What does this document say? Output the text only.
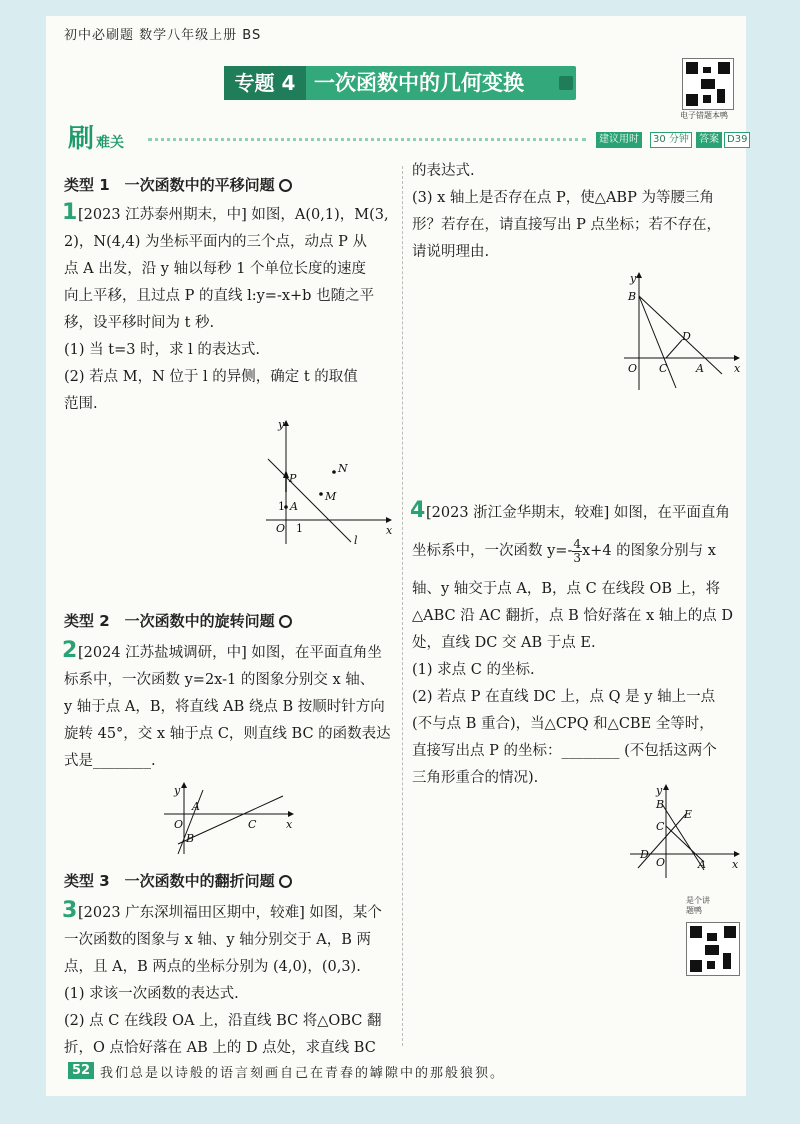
初中必刷题 数学八年级上册 BS
专题 4 一次函数中的几何变换
电子错题本鸭
刷 难关	建议用时	30 分钟	答案 D39
类型 1　一次函数中的平移问题
1 [2023 江苏泰州期末，中] 如图，A(0,1)，M(3,

2)，N(4,4) 为坐标平面内的三个点，动点 P 从

点 A 出发，沿 y 轴以每秒 1 个单位长度的速度

向上平移，且过点 P 的直线 l:y=-x+b 也随之平

移，设平移时间为 t 秒.

(1) 当 t=3 时，求 l 的表达式.

(2) 若点 M，N 位于 l 的异侧，确定 t 的取值

范围.

y
x
O
N
M
P
A
1
1
l
类型 2　一次函数中的旋转问题
2 [2024 江苏盐城调研，中] 如图，在平面直角坐

标系中，一次函数 y=2x-1 的图象分别交 x 轴、

y 轴于点 A，B，将直线 AB 绕点 B 按顺时针方向

旋转 45°，交 x 轴于点 C，则直线 BC 的函数表达

式是________.

y
x
O
A
B
C
类型 3　一次函数中的翻折问题
3 [2023 广东深圳福田区期中，较难] 如图，某个

一次函数的图象与 x 轴、y 轴分别交于 A，B 两

点，且 A，B 两点的坐标分别为 (4,0)，(0,3).

(1) 求该一次函数的表达式.

(2) 点 C 在线段 OA 上，沿直线 BC 将△OBC 翻

折，O 点恰好落在 AB 上的 D 点处，求直线 BC

的表达式.

(3) x 轴上是否存在点 P，使△ABP 为等腰三角

形？若存在，请直接写出 P 点坐标；若不存在，

请说明理由.

y
x
O
B
D
C	A
4 [2023 浙江金华期末，较难] 如图，在平面直角

坐标系中，一次函数 $y=- \frac{4}{3} x+4$ 的图象分别与 x

轴、y 轴交于点 A，B，点 C 在线段 OB 上，将

△ABC 沿 AC 翻折，点 B 恰好落在 x 轴上的点 D

处，直线 DC 交 AB 于点 E.

(1) 求点 C 的坐标.

(2) 若点 P 在直线 DC 上，点 Q 是 y 轴上一点

(不与点 B 重合)，当△CPQ 和△CBE 全等时，

直接写出点 P 的坐标：________ (不包括这两个

三角形重合的情况).

y
x
O
B
C
E
D
A
是个讲题鸭
52 我们总是以诗般的语言刻画自己在青春的罅隙中的那般狼狈。
